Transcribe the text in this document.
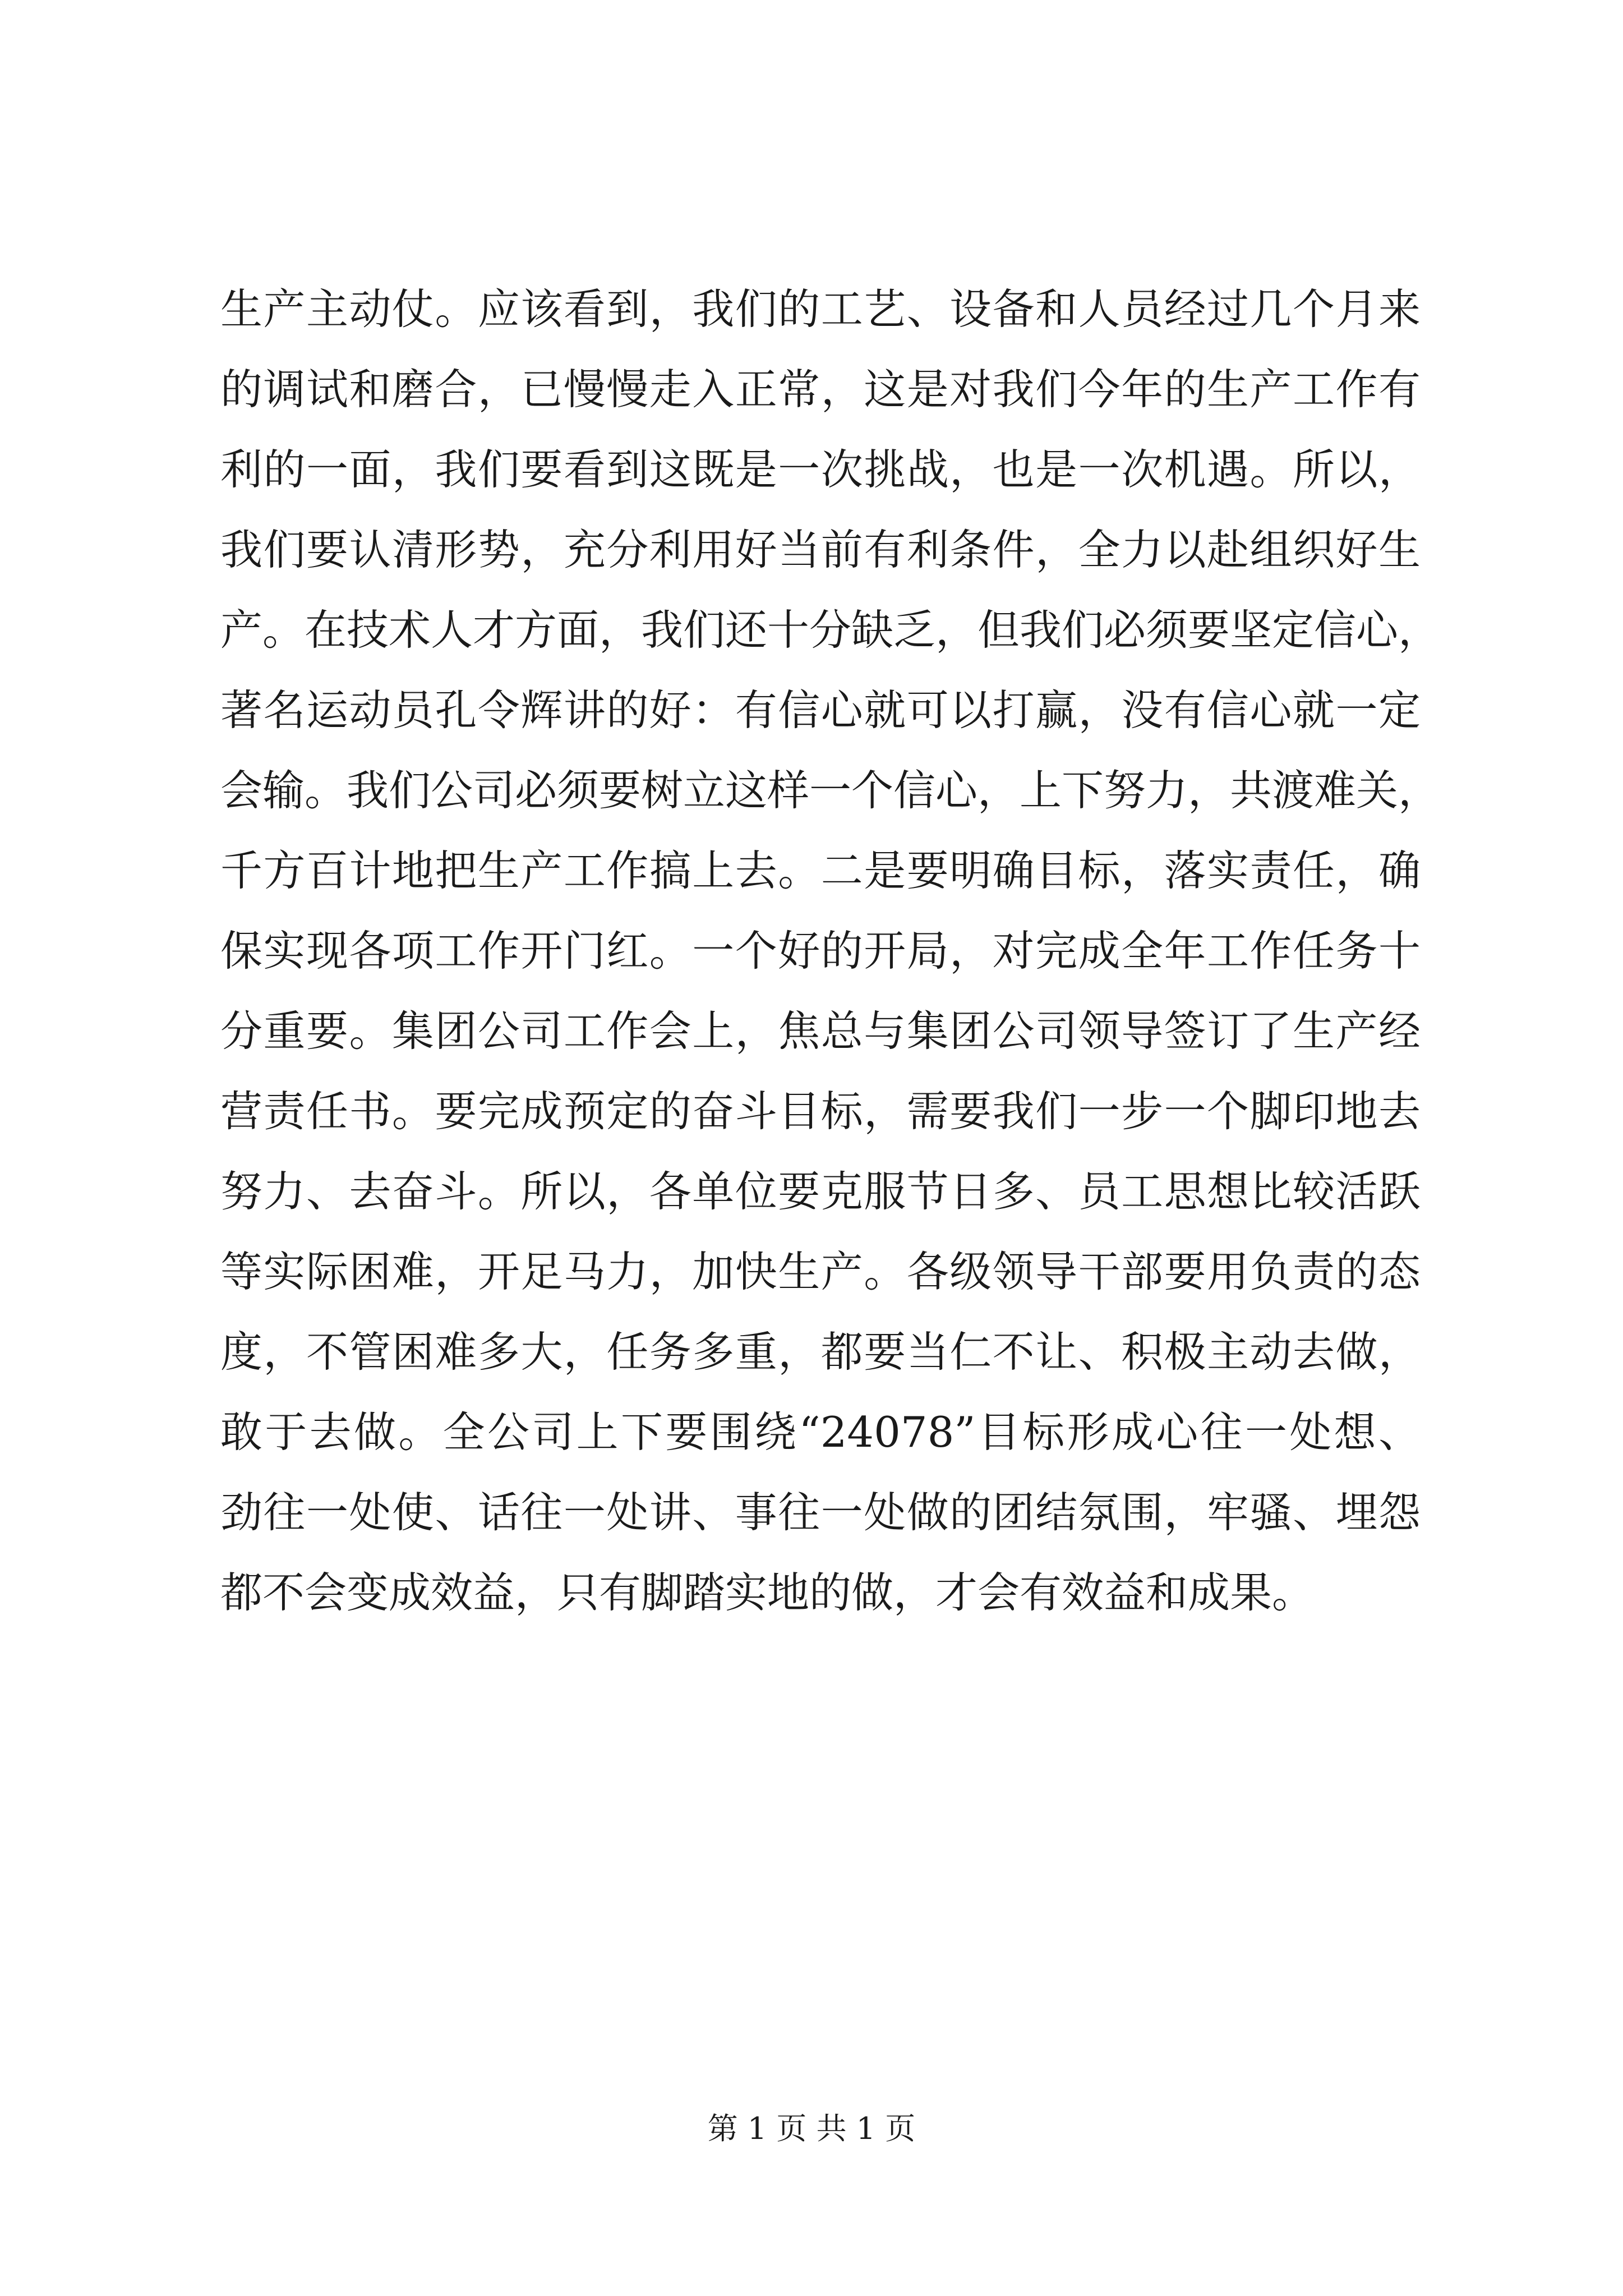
生产主动仗。应该看到，我们的工艺、设备和人员经过几个月来
的调试和磨合，已慢慢走入正常，这是对我们今年的生产工作有
利的一面，我们要看到这既是一次挑战，也是一次机遇。所以，
我们要认清形势，充分利用好当前有利条件，全力以赴组织好生
产。在技术人才方面，我们还十分缺乏，但我们必须要坚定信心，
著名运动员孔令辉讲的好：有信心就可以打赢，没有信心就一定
会输。我们公司必须要树立这样一个信心，上下努力，共渡难关，
千方百计地把生产工作搞上去。二是要明确目标，落实责任，确
保实现各项工作开门红。一个好的开局，对完成全年工作任务十
分重要。集团公司工作会上，焦总与集团公司领导签订了生产经
营责任书。要完成预定的奋斗目标，需要我们一步一个脚印地去
努力、去奋斗。所以，各单位要克服节日多、员工思想比较活跃
等实际困难，开足马力，加快生产。各级领导干部要用负责的态
度，不管困难多大，任务多重，都要当仁不让、积极主动去做，
敢于去做。全公司上下要围绕“24078”目标形成心往一处想、
劲往一处使、话往一处讲、事往一处做的团结氛围，牢骚、埋怨
都不会变成效益，只有脚踏实地的做，才会有效益和成果。
第 1 页 共 1 页
